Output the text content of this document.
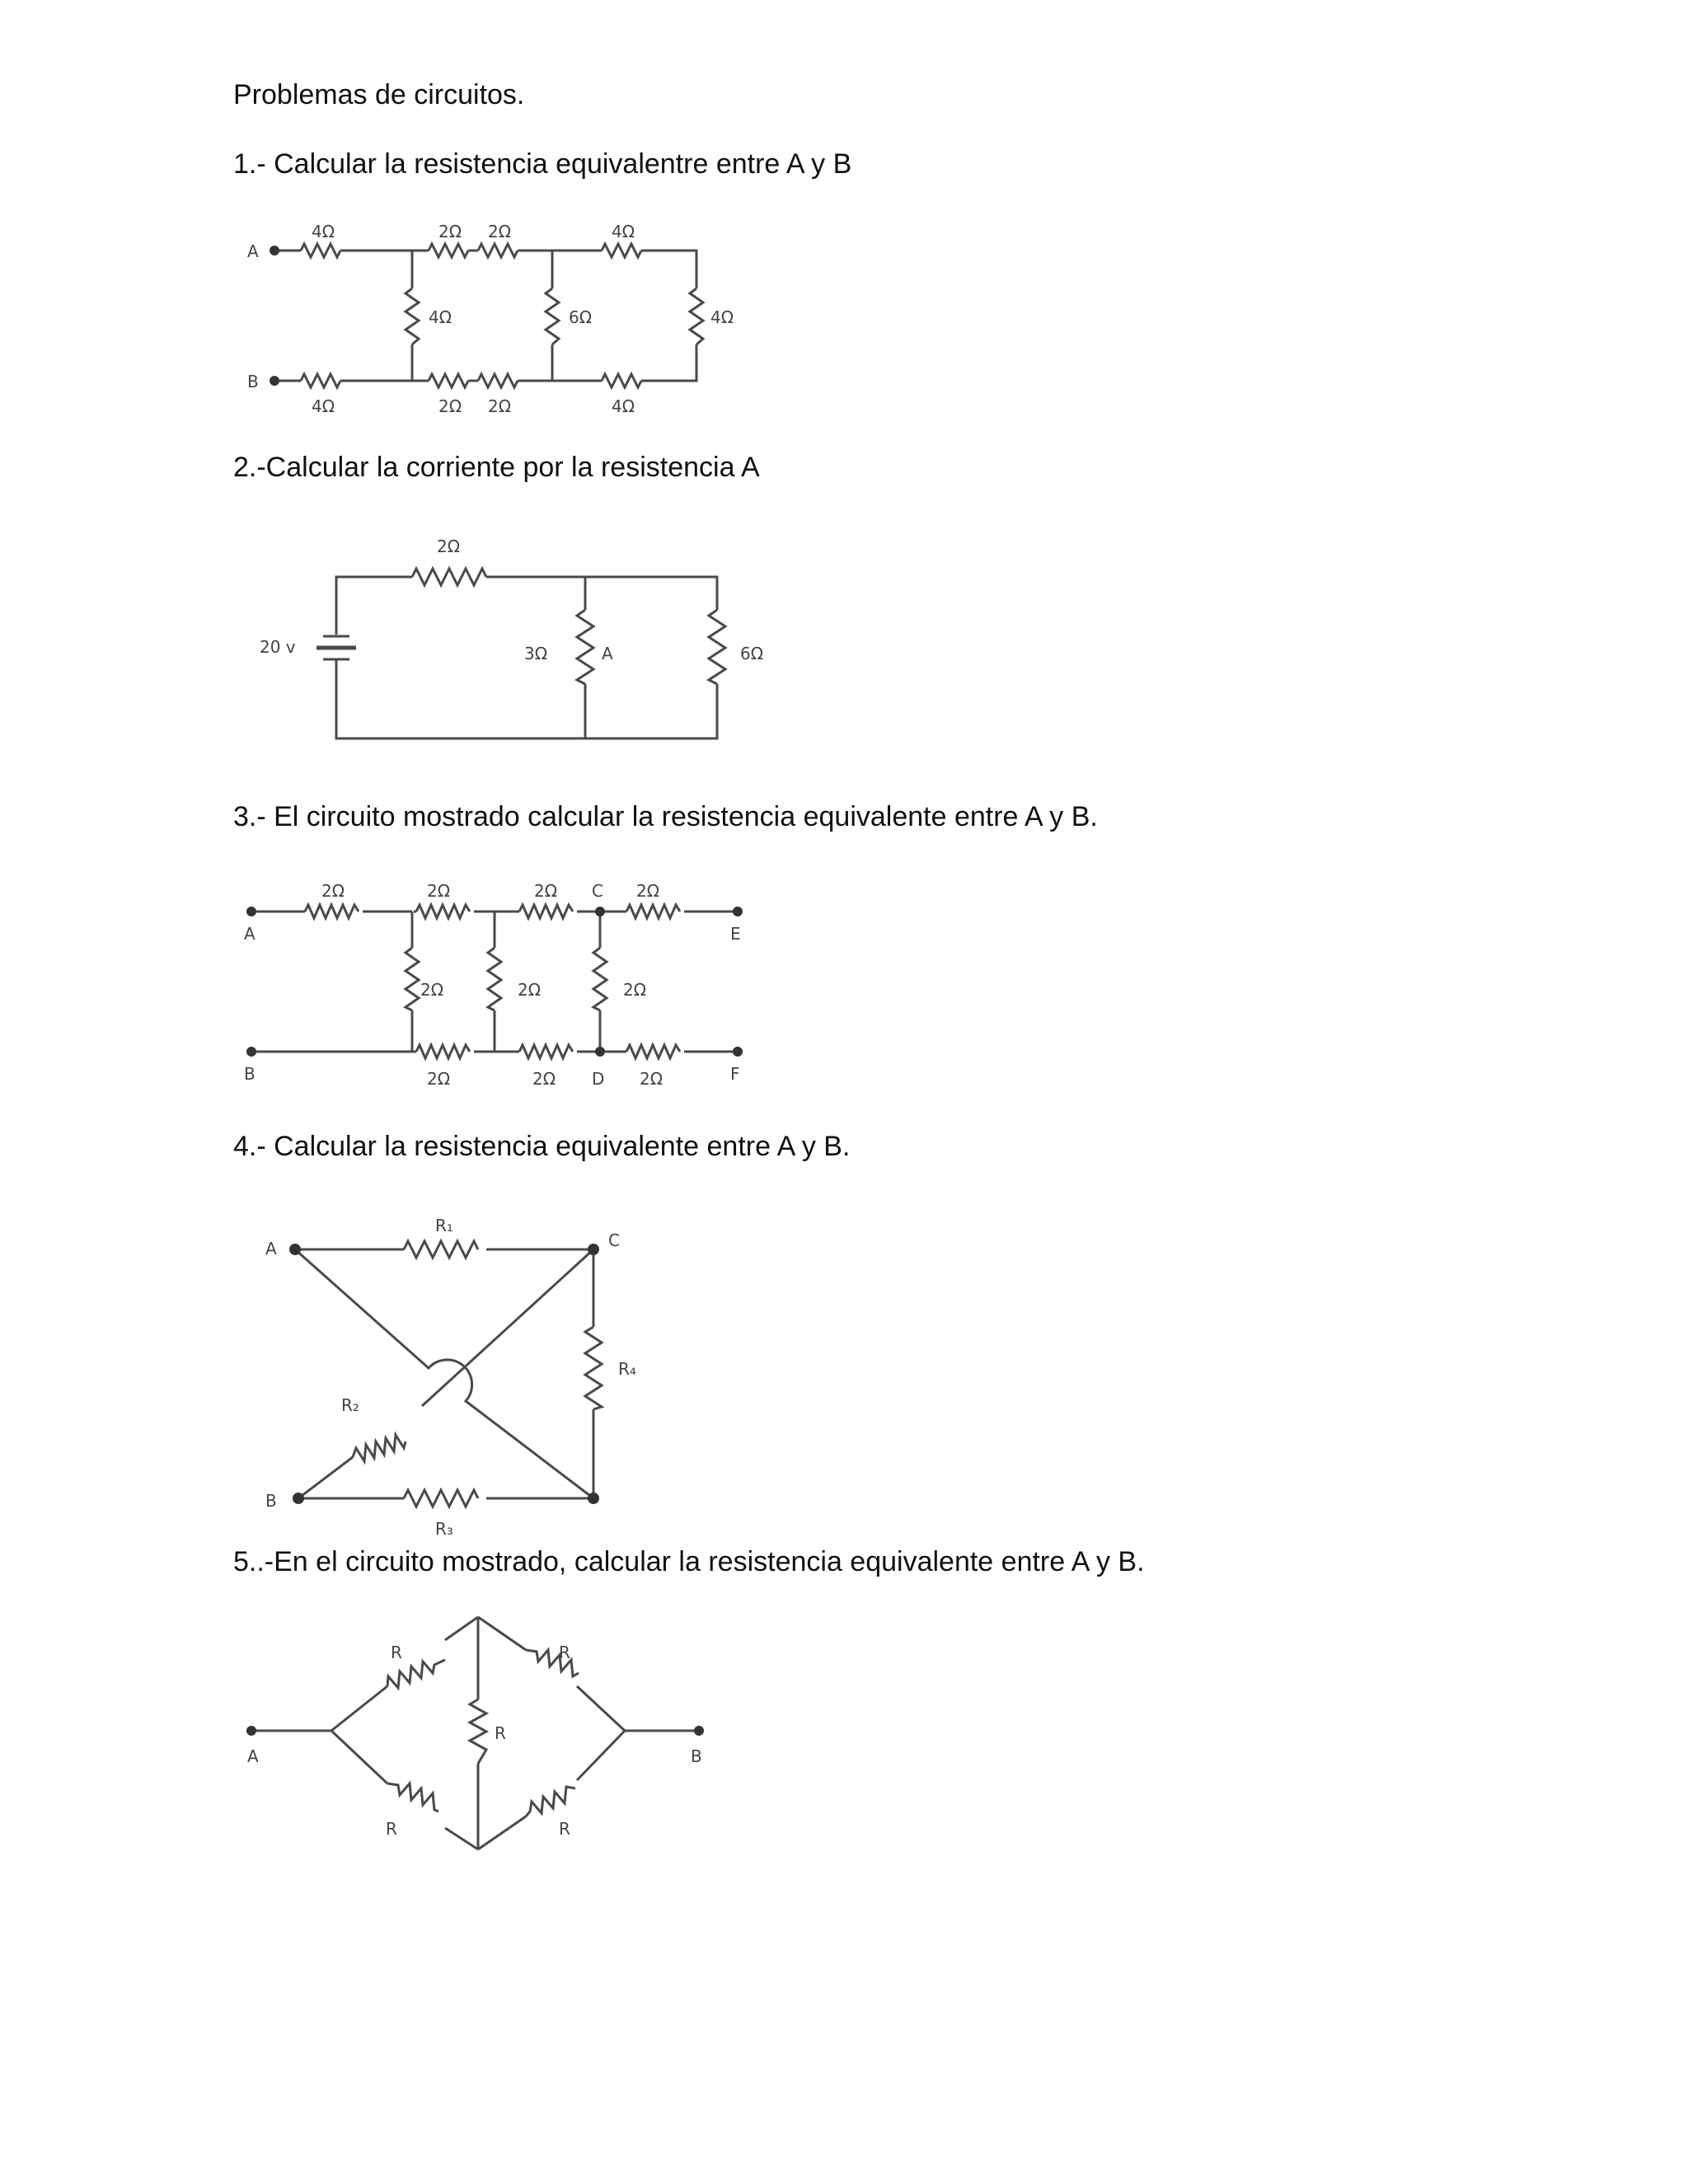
Problemas de circuitos.
1.- Calcular la resistencia equivalentre entre A y B
2.-Calcular la corriente por la resistencia A
3.- El circuito mostrado calcular la resistencia equivalente entre A y B.
4.- Calcular la resistencia equivalente entre A y B.
5..-En el circuito mostrado, calcular la resistencia equivalente entre A y B.
A
B
4Ω	2Ω 2Ω	4Ω
4Ω	6Ω	4Ω
4Ω	2Ω 2Ω	4Ω
20 v
2Ω
3Ω	A	6Ω
A
B
C
D
E
F
2Ω	2Ω	2Ω	2Ω
2Ω	2Ω	2Ω
2Ω	2Ω	2Ω
A
B
C
R₁
R₂
R₃
R₄
A	B
R	R
R
R	R
